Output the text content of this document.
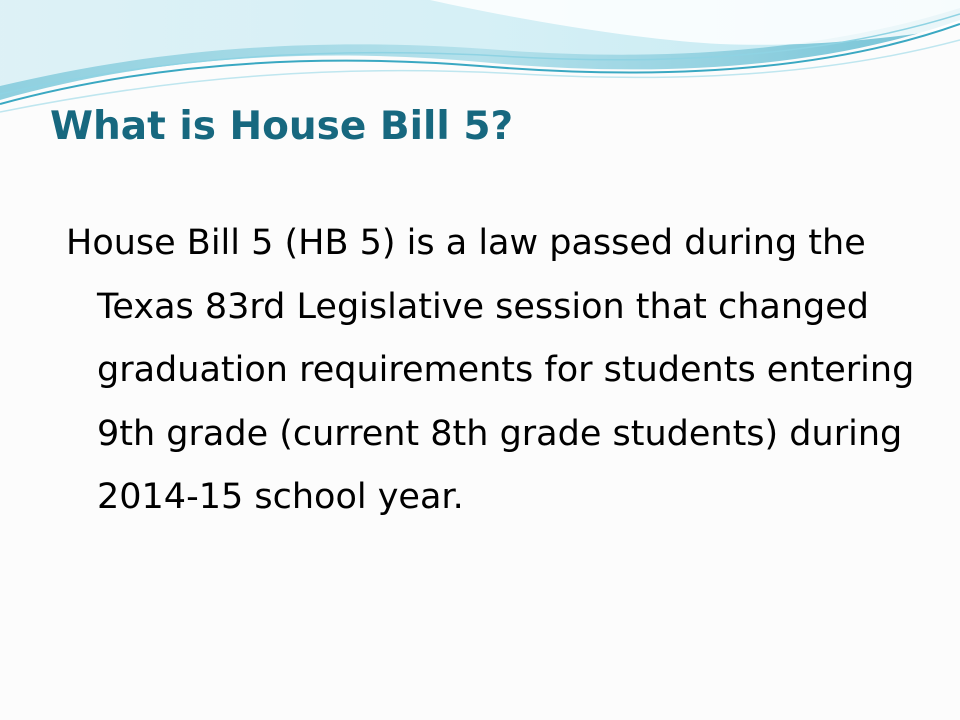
What is House Bill 5?

House Bill 5 (HB 5) is a law passed during the Texas 83rd Legislative session that changed graduation requirements for students entering 9th grade (current 8th grade students) during 2014-15 school year.
